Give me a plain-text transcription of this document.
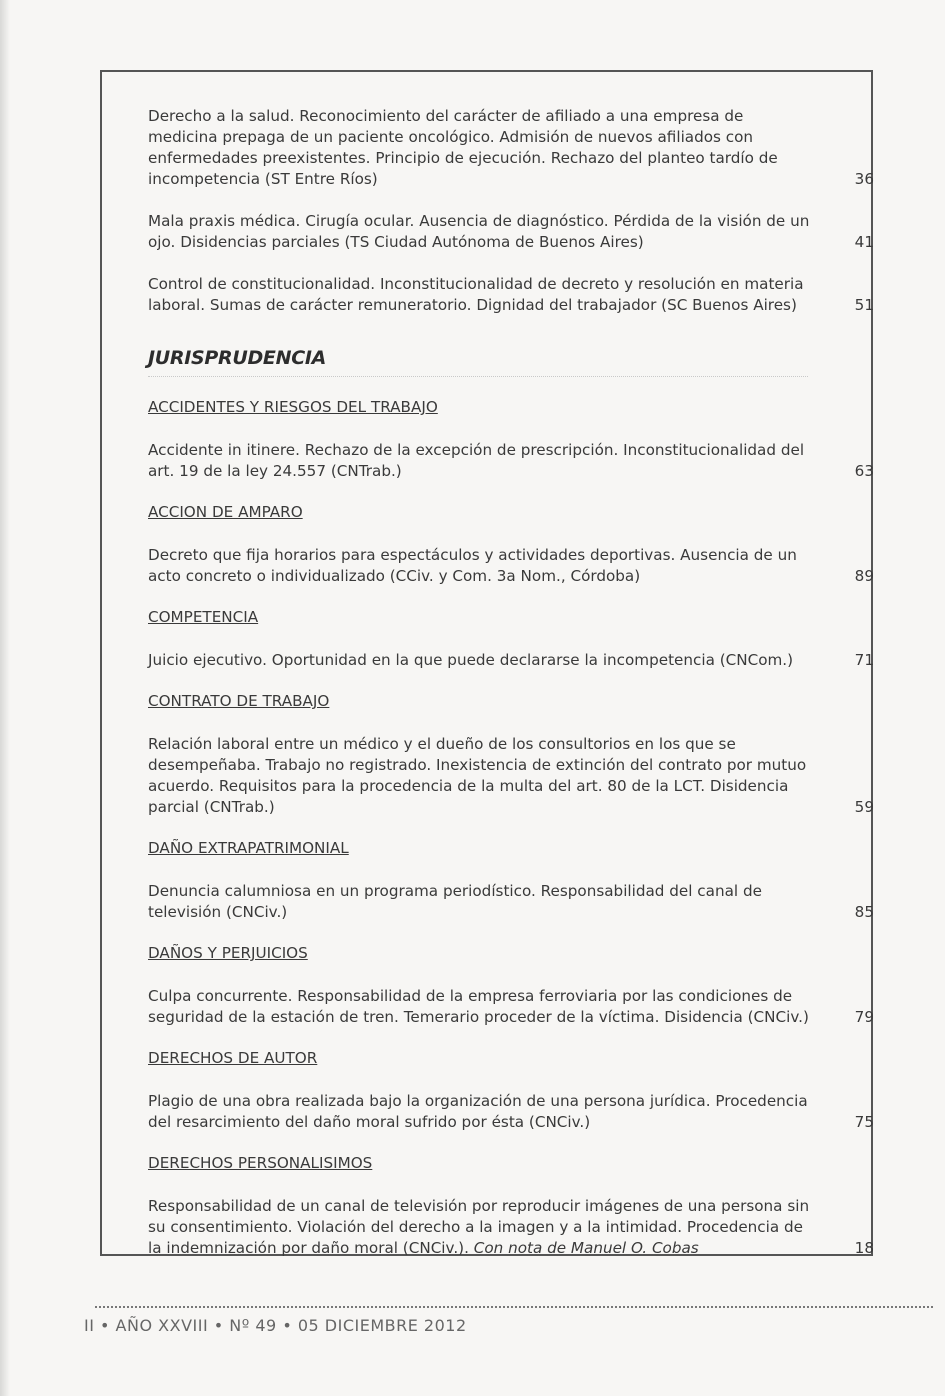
Derecho a la salud. Reconocimiento del carácter de afiliado a una empresa de medicina prepaga de un paciente oncológico. Admisión de nuevos afiliados con enfermedades preexistentes. Principio de ejecución. Rechazo del planteo tardío de incompetencia (ST Entre Ríos)	36
Mala praxis médica. Cirugía ocular. Ausencia de diagnóstico. Pérdida de la visión de un ojo. Disidencias parciales (TS Ciudad Autónoma de Buenos Aires)	41
Control de constitucionalidad. Inconstitucionalidad de decreto y resolución en materia laboral. Sumas de carácter remuneratorio. Dignidad del trabajador (SC Buenos Aires)	51
JURISPRUDENCIA
ACCIDENTES Y RIESGOS DEL TRABAJO
Accidente in itinere. Rechazo de la excepción de prescripción. Inconstitucionalidad del art. 19 de la ley 24.557 (CNTrab.)	63
ACCION DE AMPARO
Decreto que fija horarios para espectáculos y actividades deportivas. Ausencia de un acto concreto o individualizado (CCiv. y Com. 3a Nom., Córdoba)	89
COMPETENCIA
Juicio ejecutivo. Oportunidad en la que puede declararse la incompetencia (CNCom.)	71
CONTRATO DE TRABAJO
Relación laboral entre un médico y el dueño de los consultorios en los que se desempeñaba. Trabajo no registrado. Inexistencia de extinción del contrato por mutuo acuerdo. Requisitos para la procedencia de la multa del art. 80 de la LCT. Disidencia parcial (CNTrab.)	59
DAÑO EXTRAPATRIMONIAL
Denuncia calumniosa en un programa periodístico. Responsabilidad del canal de televisión (CNCiv.)	85
DAÑOS Y PERJUICIOS
Culpa concurrente. Responsabilidad de la empresa ferroviaria por las condiciones de seguridad de la estación de tren. Temerario proceder de la víctima. Disidencia (CNCiv.)	79
DERECHOS DE AUTOR
Plagio de una obra realizada bajo la organización de una persona jurídica. Procedencia del resarcimiento del daño moral sufrido por ésta (CNCiv.)	75
DERECHOS PERSONALISIMOS
Responsabilidad de un canal de televisión por reproducir imágenes de una persona sin su consentimiento. Violación del derecho a la imagen y a la intimidad. Procedencia de la indemnización por daño moral (CNCiv.). Con nota de Manuel O. Cobas	18
II • AÑO XXVIII • Nº 49 • 05 DICIEMBRE 2012
